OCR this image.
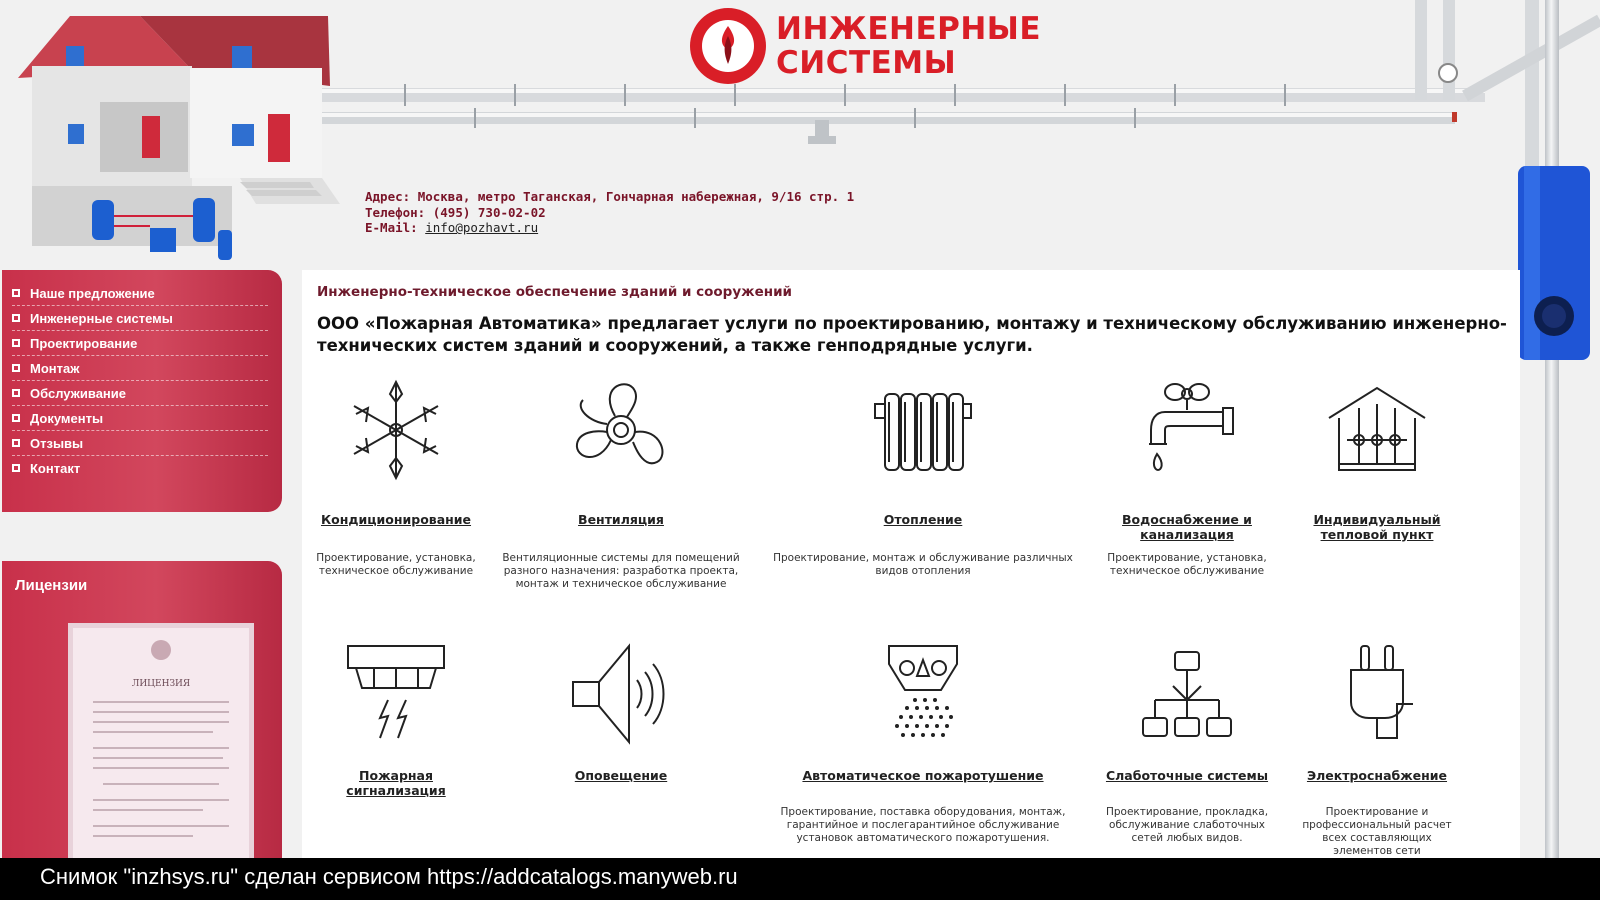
ИНЖЕНЕРНЫЕ
СИСТЕМЫ
Адрес: Москва, метро Таганская, Гончарная набережная, 9/16 стр. 1
Телефон: (495) 730-02-02
E-Mail: info@pozhavt.ru
Наше предложение
Инженерные системы
Проектирование
Монтаж
Обслуживание
Документы
Отзывы
Контакт
Лицензии
ЛИЦЕНЗИЯ
Инженерно-техническое обеспечение зданий и сооружений
ООО «Пожарная Автоматика» предлагает услуги по проектированию, монтажу и техническому обслуживанию инженерно-технических систем зданий и сооружений, а также генподрядные услуги.
Кондиционирование
Проектирование, установка, техническое обслуживание
Вентиляция
Вентиляционные системы для помещений разного назначения: разработка проекта, монтаж и техническое обслуживание
Отопление
Проектирование, монтаж и обслуживание различных видов отопления
Водоснабжение и канализация
Проектирование, установка, техническое обслуживание
Индивидуальный тепловой пункт
Пожарная сигнализация
Оповещение	Автоматическое пожаротушение
Проектирование, поставка оборудования, монтаж, гарантийное и послегарантийное обслуживание установок автоматического пожаротушения.
Слаботочные системы
Проектирование, прокладка, обслуживание слаботочных сетей любых видов.
Электроснабжение
Проектирование и профессиональный расчет всех составляющих элементов сети
Снимок "inzhsys.ru" сделан сервисом https://addcatalogs.manyweb.ru
